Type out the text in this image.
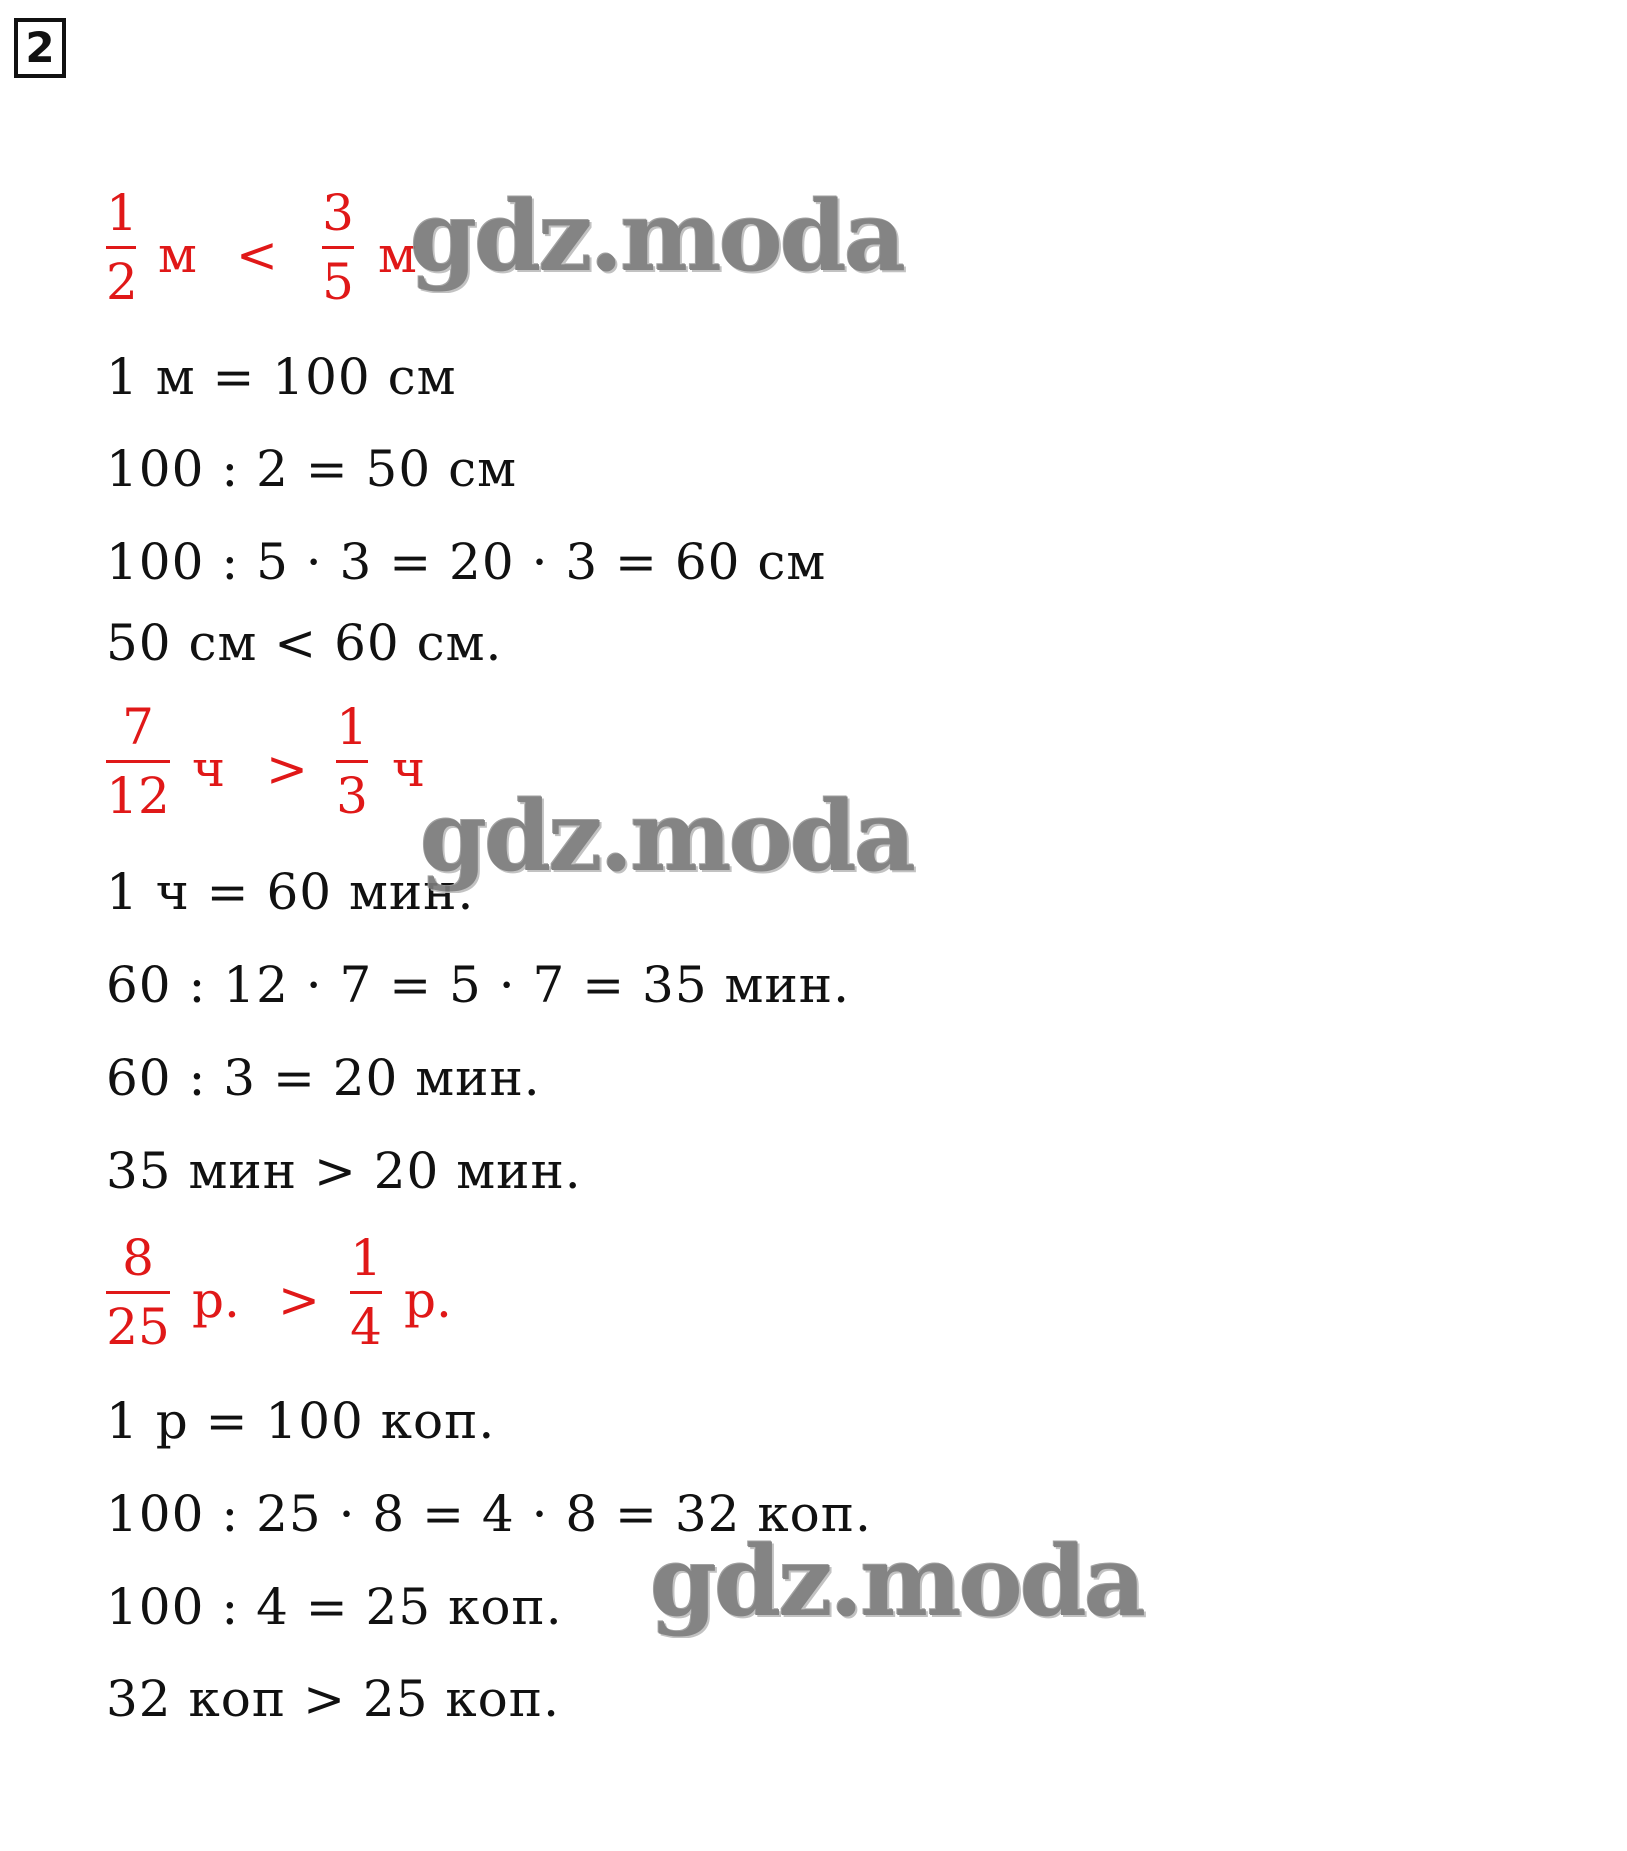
2
1
2 м <
3
5 м
1 м = 100 см
100 : 2 = 50 см
100 : 5 · 3 = 20 · 3 = 60 см
50 см < 60 см.
7
12 ч >
1
3 ч
1 ч = 60 мин.
60 : 12 · 7 = 5 · 7 = 35 мин.
60 : 3 = 20 мин.
35 мин > 20 мин.
8
25 р. >
1
4 р.
1 р = 100 коп.
100 : 25 · 8 = 4 · 8 = 32 коп.
100 : 4 = 25 коп.
32 коп > 25 коп.
gdz.moda
gdz.moda
gdz.moda
